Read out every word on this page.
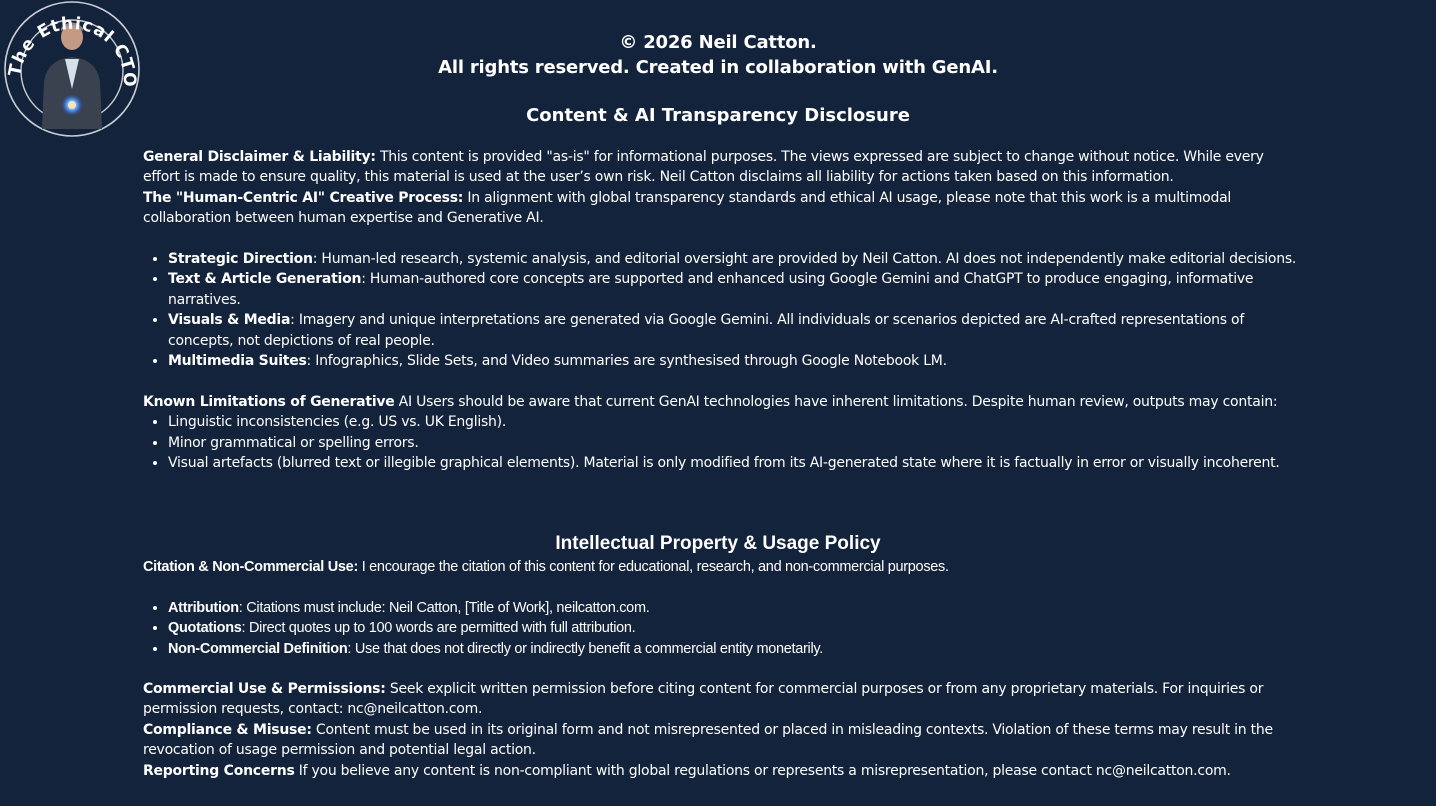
The Ethical CTO
© 2026 Neil Catton.
All rights reserved. Created in collaboration with GenAI.
Content & AI Transparency Disclosure

General Disclaimer & Liability: This content is provided "as-is" for informational purposes. The views expressed are subject to change without notice. While every effort is made to ensure quality, this material is used at the user’s own risk. Neil Catton disclaims all liability for actions taken based on this information.

The "Human-Centric AI" Creative Process: In alignment with global transparency standards and ethical AI usage, please note that this work is a multimodal collaboration between human expertise and Generative AI.

• Strategic Direction: Human-led research, systemic analysis, and editorial oversight are provided by Neil Catton. AI does not independently make editorial decisions.
• Text & Article Generation: Human-authored core concepts are supported and enhanced using Google Gemini and ChatGPT to produce engaging, informative narratives.
• Visuals & Media: Imagery and unique interpretations are generated via Google Gemini. All individuals or scenarios depicted are AI-crafted representations of concepts, not depictions of real people.
• Multimedia Suites: Infographics, Slide Sets, and Video summaries are synthesised through Google Notebook LM.

Known Limitations of Generative AI Users should be aware that current GenAI technologies have inherent limitations. Despite human review, outputs may contain:

• Linguistic inconsistencies (e.g. US vs. UK English).
• Minor grammatical or spelling errors.
• Visual artefacts (blurred text or illegible graphical elements). Material is only modified from its AI-generated state where it is factually in error or visually incoherent.
Intellectual Property & Usage Policy

Citation & Non-Commercial Use: I encourage the citation of this content for educational, research, and non-commercial purposes.

• Attribution: Citations must include: Neil Catton, [Title of Work], neilcatton.com.
• Quotations: Direct quotes up to 100 words are permitted with full attribution.
• Non-Commercial Definition: Use that does not directly or indirectly benefit a commercial entity monetarily.

Commercial Use & Permissions: Seek explicit written permission before citing content for commercial purposes or from any proprietary materials. For inquiries or permission requests, contact: nc@neilcatton.com.

Compliance & Misuse: Content must be used in its original form and not misrepresented or placed in misleading contexts. Violation of these terms may result in the revocation of usage permission and potential legal action.

Reporting Concerns If you believe any content is non-compliant with global regulations or represents a misrepresentation, please contact nc@neilcatton.com.
